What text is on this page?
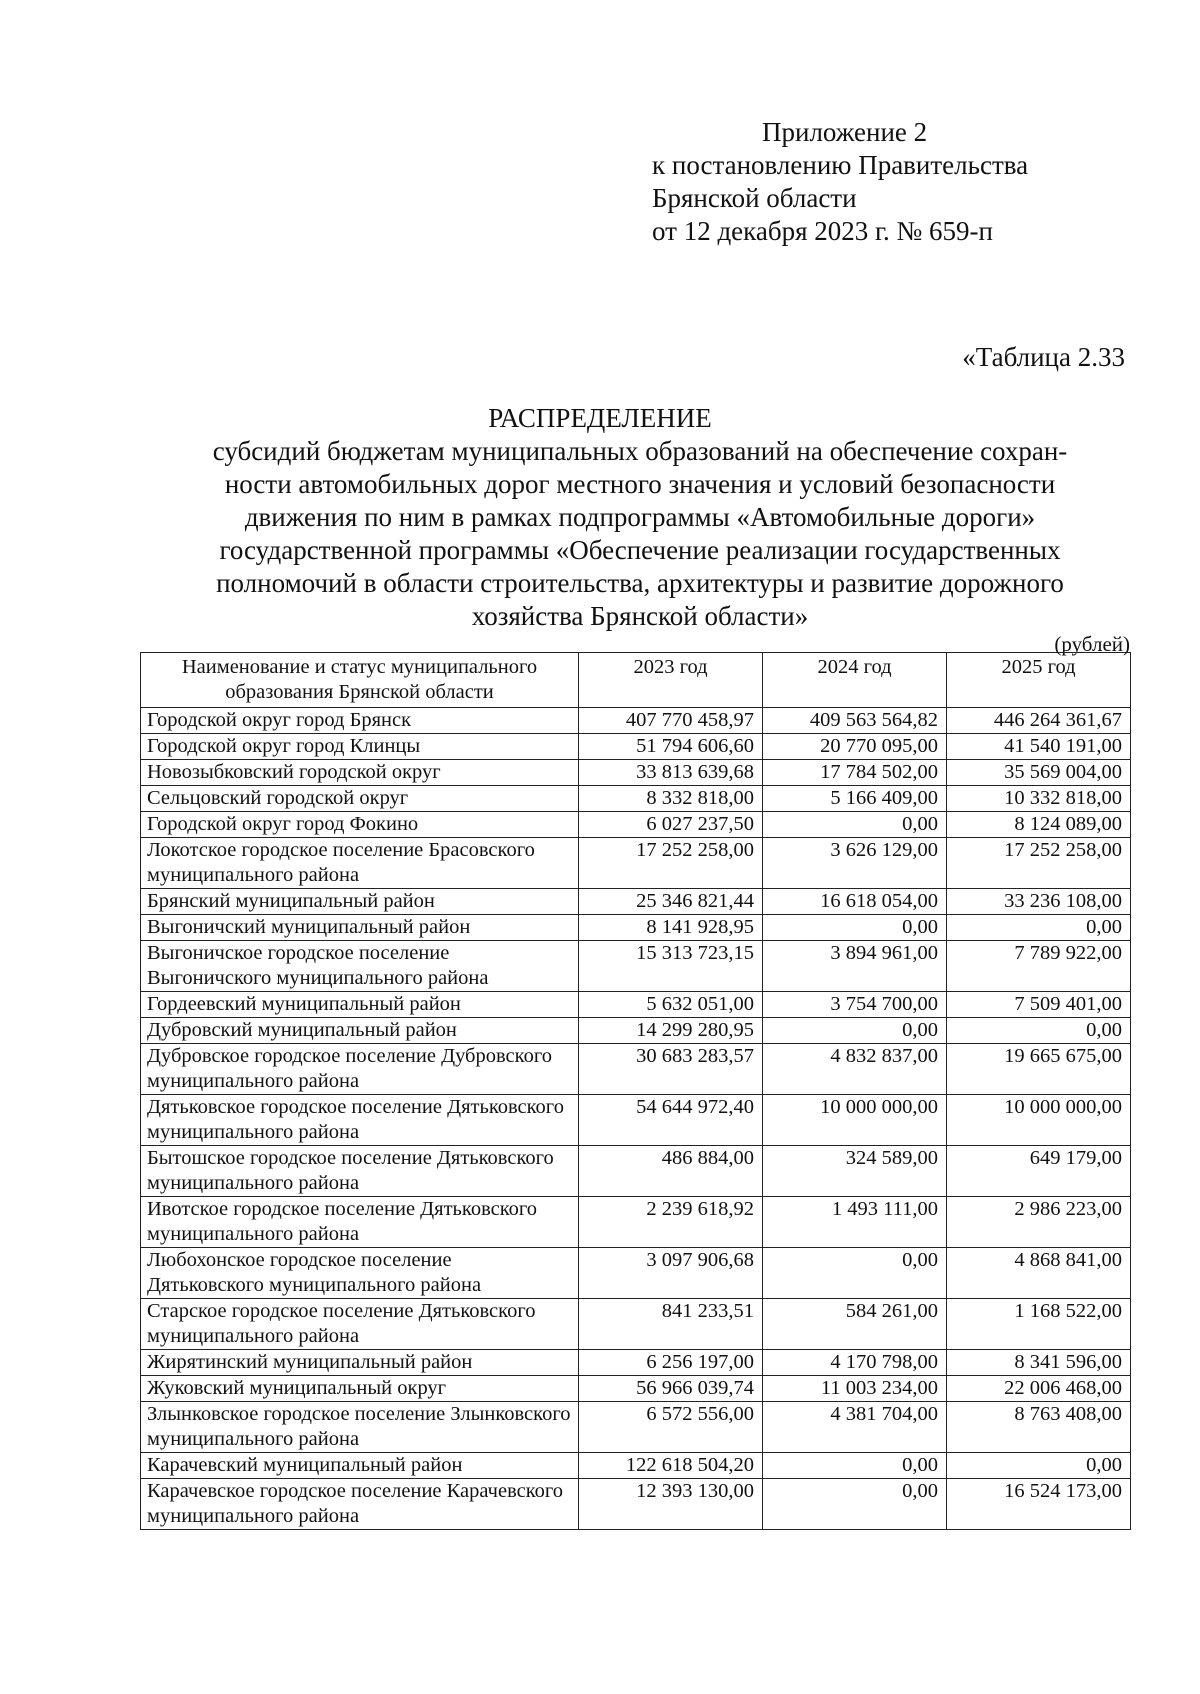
Приложение 2
к постановлению Правительства
Брянской области
от 12 декабря 2023 г. № 659-п
«Таблица 2.33
РАСПРЕДЕЛЕНИЕ
субсидий бюджетам муниципальных образований на обеспечение сохран-
ности автомобильных дорог местного значения и условий безопасности
движения по ним в рамках подпрограммы «Автомобильные дороги»
государственной программы «Обеспечение реализации государственных
полномочий в области строительства, архитектуры и развитие дорожного
хозяйства Брянской области»
(рублей)
Наименование и статус муниципального образования Брянской области	2023 год	2024 год	2025 год
Городской округ город Брянск	407 770 458,97	409 563 564,82	446 264 361,67
Городской округ город Клинцы	51 794 606,60	20 770 095,00	41 540 191,00
Новозыбковский городской округ	33 813 639,68	17 784 502,00	35 569 004,00
Сельцовский городской округ	8 332 818,00	5 166 409,00	10 332 818,00
Городской округ город Фокино	6 027 237,50	0,00	8 124 089,00
Локотское городское поселение Брасовского муниципального района	17 252 258,00	3 626 129,00	17 252 258,00
Брянский муниципальный район	25 346 821,44	16 618 054,00	33 236 108,00
Выгоничский муниципальный район	8 141 928,95	0,00	0,00
Выгоничское городское поселение Выгоничского муниципального района	15 313 723,15	3 894 961,00	7 789 922,00
Гордеевский муниципальный район	5 632 051,00	3 754 700,00	7 509 401,00
Дубровский муниципальный район	14 299 280,95	0,00	0,00
Дубровское городское поселение Дубровского муниципального района	30 683 283,57	4 832 837,00	19 665 675,00
Дятьковское городское поселение Дятьковского муниципального района	54 644 972,40	10 000 000,00	10 000 000,00
Бытошское городское поселение Дятьковского муниципального района	486 884,00	324 589,00	649 179,00
Ивотское городское поселение Дятьковского муниципального района	2 239 618,92	1 493 111,00	2 986 223,00
Любохонское городское поселение Дятьковского муниципального района	3 097 906,68	0,00	4 868 841,00
Старское городское поселение Дятьковского муниципального района	841 233,51	584 261,00	1 168 522,00
Жирятинский муниципальный район	6 256 197,00	4 170 798,00	8 341 596,00
Жуковский муниципальный округ	56 966 039,74	11 003 234,00	22 006 468,00
Злынковское городское поселение Злынковского муниципального района	6 572 556,00	4 381 704,00	8 763 408,00
Карачевский муниципальный район	122 618 504,20	0,00	0,00
Карачевское городское поселение Карачевского муниципального района	12 393 130,00	0,00	16 524 173,00
